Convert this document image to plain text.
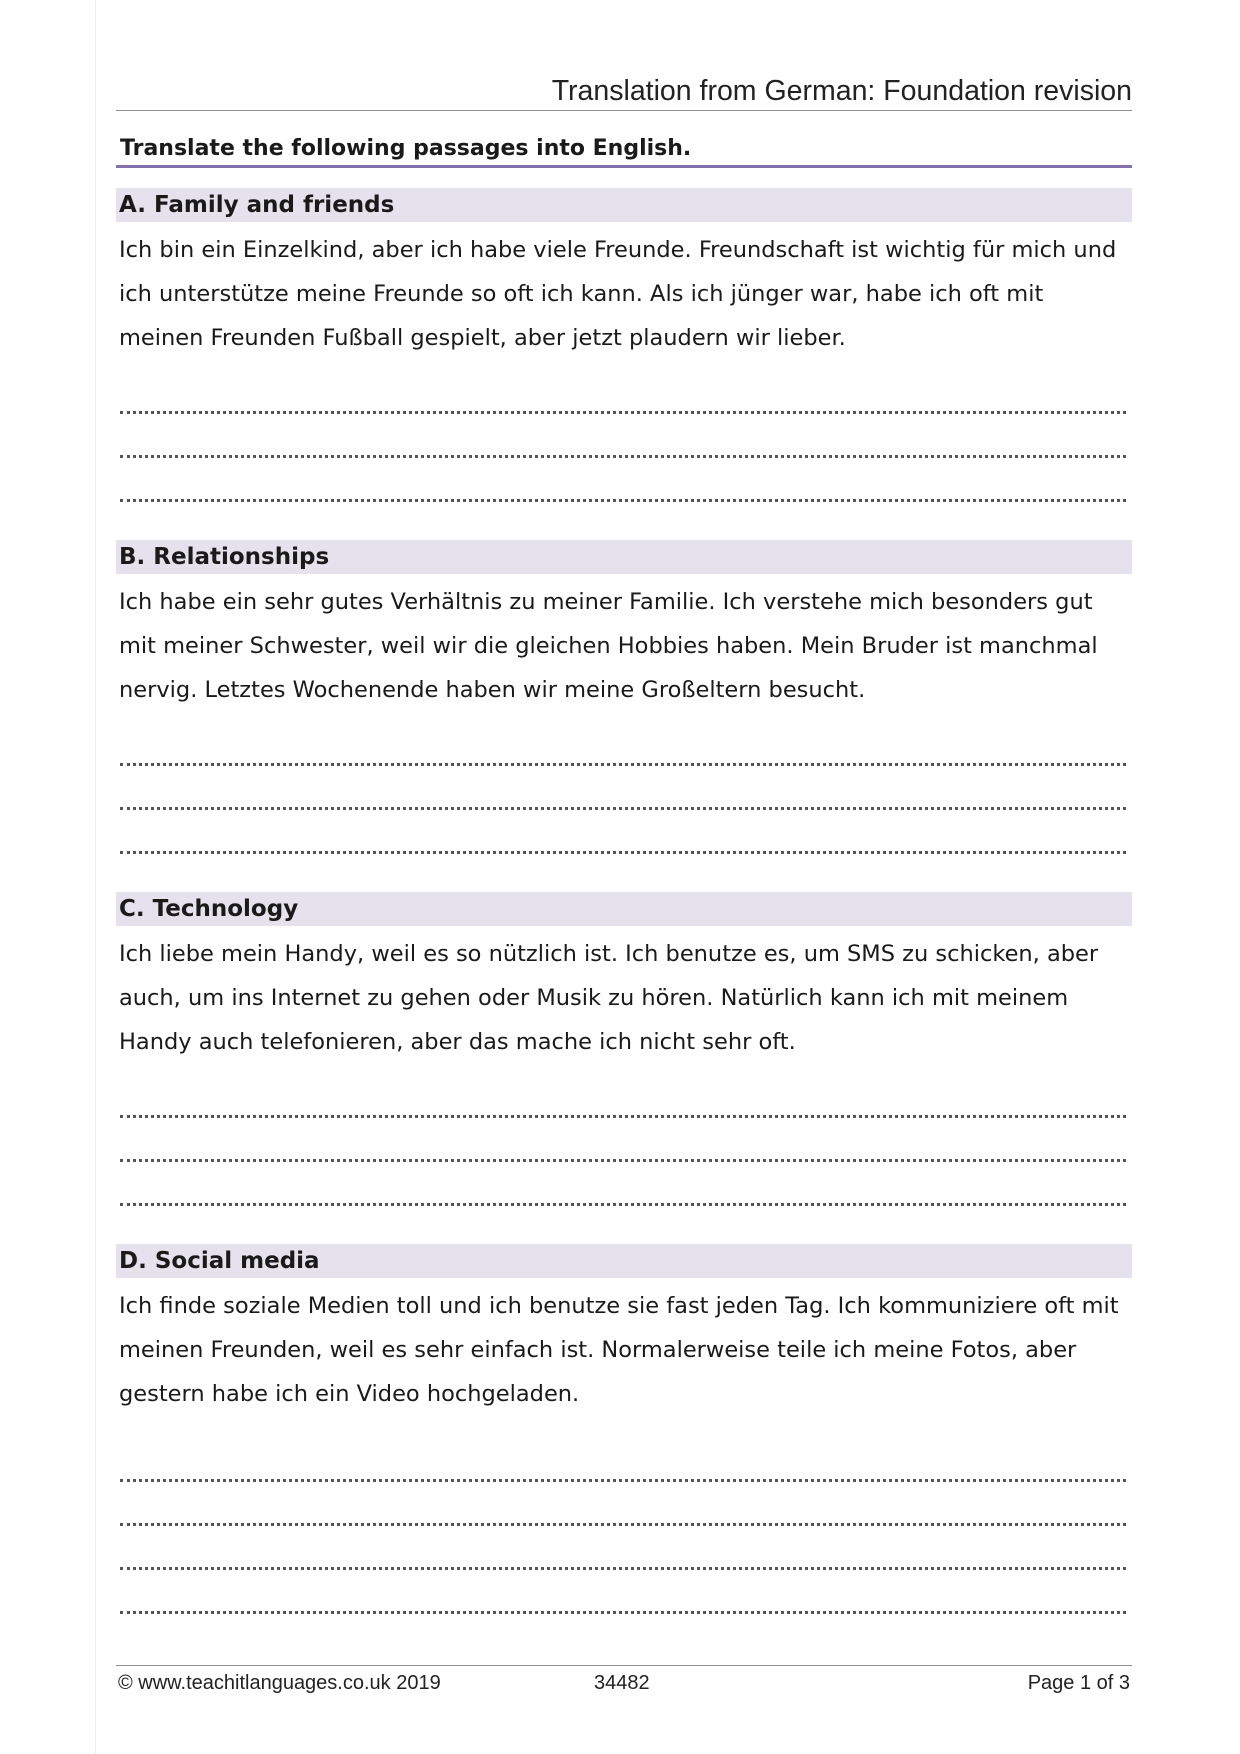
Translation from German: Foundation revision
Translate the following passages into English.
A. Family and friends

Ich bin ein Einzelkind, aber ich habe viele Freunde. Freundschaft ist wichtig für mich und ich unterstütze meine Freunde so oft ich kann. Als ich jünger war, habe ich oft mit meinen Freunden Fußball gespielt, aber jetzt plaudern wir lieber.

B. Relationships

Ich habe ein sehr gutes Verhältnis zu meiner Familie. Ich verstehe mich besonders gut mit meiner Schwester, weil wir die gleichen Hobbies haben. Mein Bruder ist manchmal nervig. Letztes Wochenende haben wir meine Großeltern besucht.

C. Technology

Ich liebe mein Handy, weil es so nützlich ist. Ich benutze es, um SMS zu schicken, aber auch, um ins Internet zu gehen oder Musik zu hören. Natürlich kann ich mit meinem Handy auch telefonieren, aber das mache ich nicht sehr oft.

D. Social media

Ich finde soziale Medien toll und ich benutze sie fast jeden Tag. Ich kommuniziere oft mit meinen Freunden, weil es sehr einfach ist. Normalerweise teile ich meine Fotos, aber gestern habe ich ein Video hochgeladen.

© www.teachitlanguages.co.uk 2019	34482	Page 1 of 3
